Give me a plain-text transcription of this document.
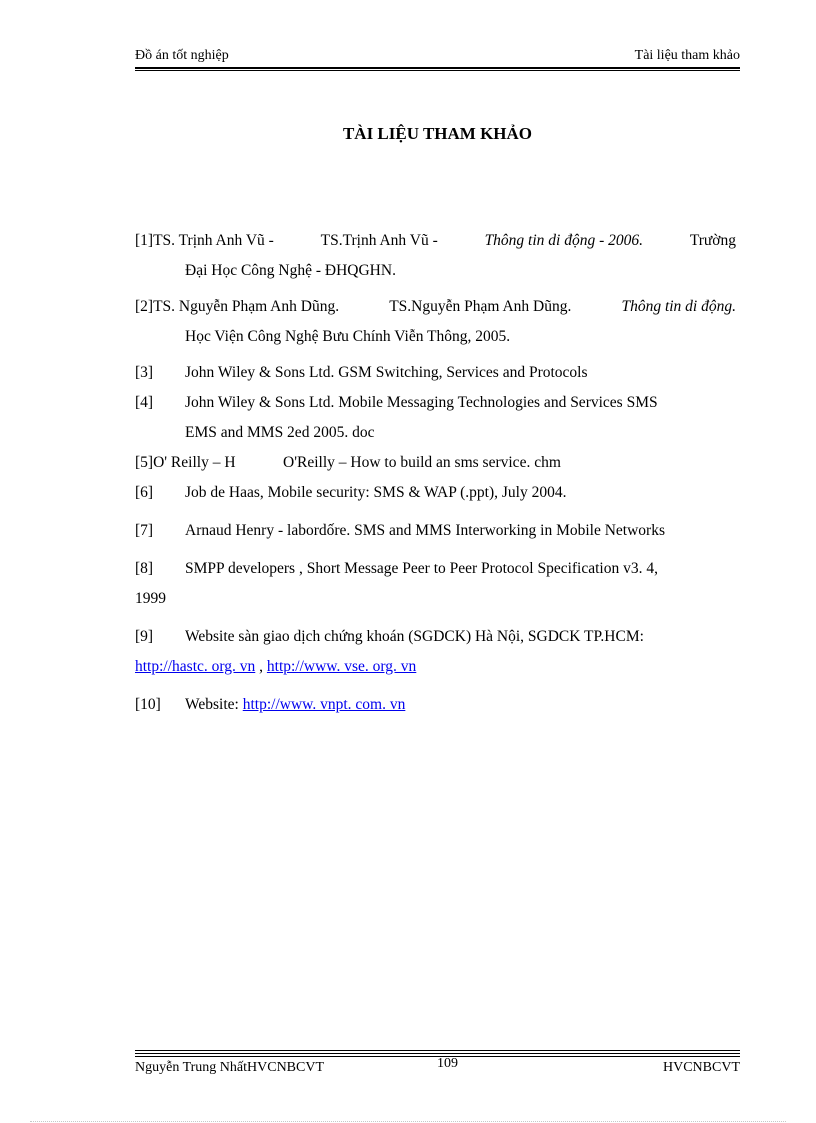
Đồ án tốt nghiệp	Tài liệu tham khảo
TÀI LIỆU THAM KHẢO
[1]TS. Trịnh Anh Vũ -	TS.Trịnh Anh Vũ -	Thông tin di động - 2006.	Trường
Đại Học Công Nghệ - ĐHQGHN.
[2]TS. Nguyễn Phạm Anh Dũng.	TS.Nguyễn Phạm Anh Dũng.	Thông tin di động.
Học Viện Công Nghệ Bưu Chính Viễn Thông, 2005.
[3]	John Wiley & Sons Ltd. GSM Switching, Services and Protocols
[4] John Wiley & Sons Ltd. Mobile Messaging Technologies and Services SMS
EMS and MMS 2ed 2005. doc
[5]O' Reilly – H	O'Reilly – How to build an sms service. chm
[6]	Job de Haas, Mobile security: SMS & WAP (.ppt), July 2004.
[7]	Arnaud Henry - labordốre. SMS and MMS Interworking in Mobile Networks
[8]	SMPP developers , Short Message Peer to Peer Protocol Specification v3. 4,
1999
[9]	Website sàn giao dịch chứng khoán (SGDCK) Hà Nội, SGDCK TP.HCM:
http://hastc. org. vn , http://www. vse. org. vn
[10]	Website: http://www. vnpt. com. vn
Nguyễn Trung NhấtHVCNBCVT	109	HVCNBCVT
